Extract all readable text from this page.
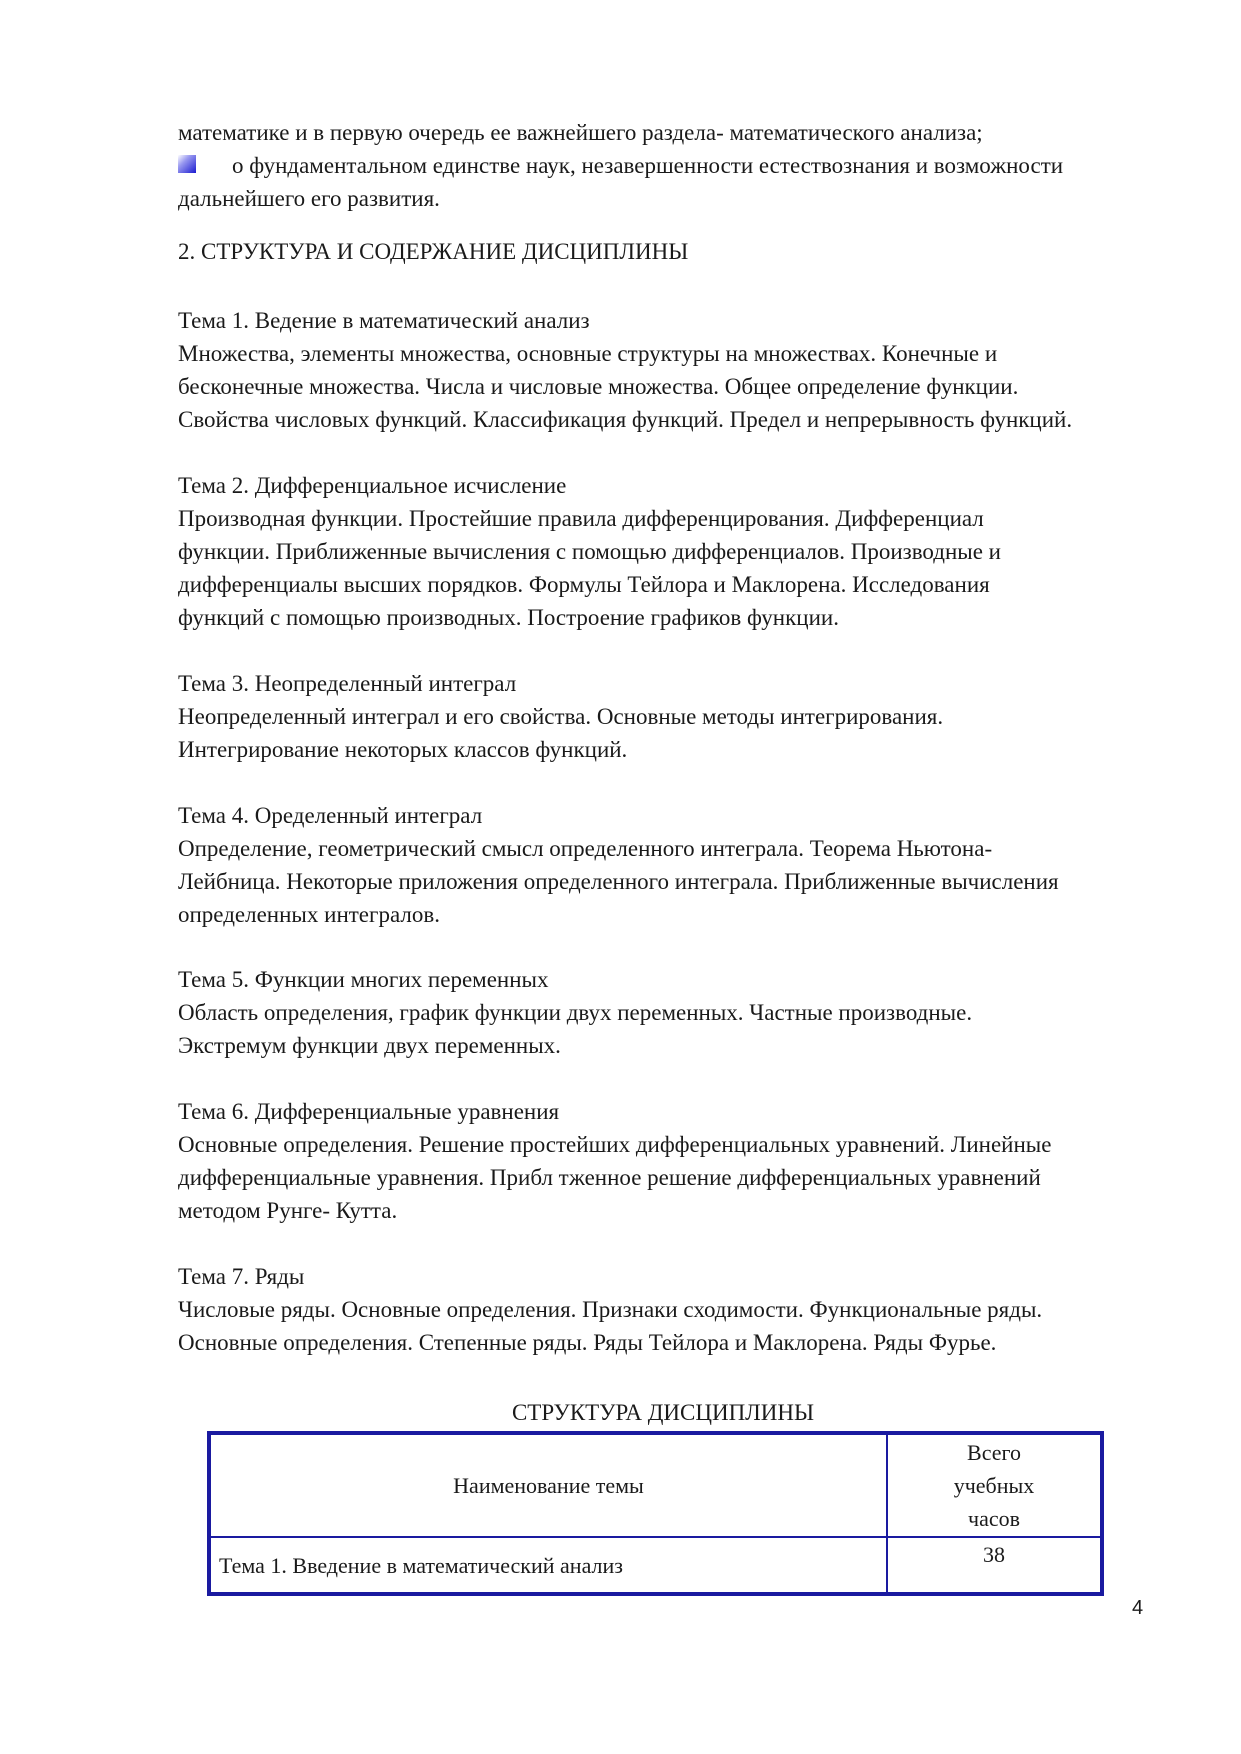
математике и в первую очередь ее важнейшего раздела- математического анализа;
о фундаментальном единстве наук, незавершенности естествознания и возможности
дальнейшего его развития.
2. СТРУКТУРА И СОДЕРЖАНИЕ ДИСЦИПЛИНЫ
Тема 1. Ведение в математический анализ
Множества, элементы множества, основные структуры на множествах. Конечные и
бесконечные множества. Числа и числовые множества. Общее определение функции.
Свойства числовых функций. Классификация функций. Предел и непрерывность функций.
Тема 2. Дифференциальное исчисление
Производная функции. Простейшие правила дифференцирования. Дифференциал
функции. Приближенные вычисления с помощью дифференциалов. Производные и
дифференциалы высших порядков. Формулы Тейлора и Маклорена. Исследования
функций с помощью производных. Построение графиков функции.
Тема 3. Неопределенный интеграл
Неопределенный интеграл и его свойства. Основные методы интегрирования.
Интегрирование некоторых классов функций.
Тема 4. Оределенный интеграл
Определение, геометрический смысл определенного интеграла. Теорема Ньютона-
Лейбница. Некоторые приложения определенного интеграла. Приближенные вычисления
определенных интегралов.
Тема 5. Функции многих переменных
Область определения, график функции двух переменных. Частные производные.
Экстремум функции двух переменных.
Тема 6. Дифференциальные уравнения
Основные определения. Решение простейших дифференциальных уравнений. Линейные
дифференциальные уравнения. Прибл тженное решение дифференциальных уравнений
методом Рунге- Кутта.
Тема 7. Ряды
Числовые ряды. Основные определения. Признаки сходимости. Функциональные ряды.
Основные определения. Степенные ряды. Ряды Тейлора и Маклорена. Ряды Фурье.
СТРУКТУРА ДИСЦИПЛИНЫ
Наименование темы	Всего
учебных
часов

Тема 1. Введение в математический анализ	38
4
